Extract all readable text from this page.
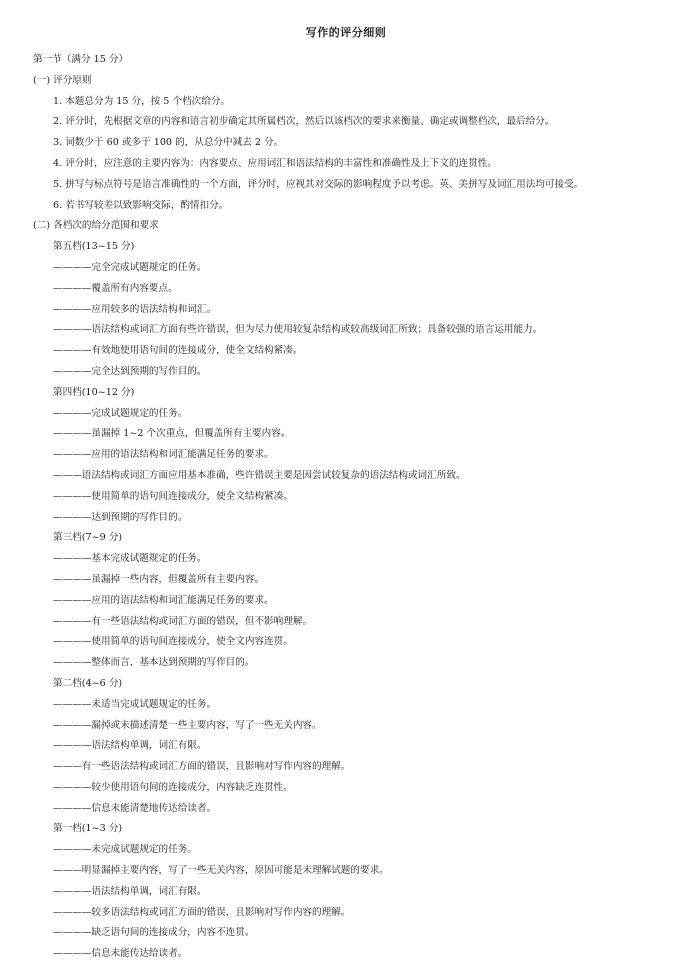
写作的评分细则
第一节（满分 15 分）
(一) 评分原则
1. 本题总分为 15 分，按 5 个档次给分。
2. 评分时，先根据文章的内容和语言初步确定其所属档次，然后以该档次的要求来衡量、确定或调整档次，最后给分。
3. 词数少于 60 或多于 100 的，从总分中减去 2 分。
4. 评分时，应注意的主要内容为：内容要点、应用词汇和语法结构的丰富性和准确性及上下文的连贯性。
5. 拼写与标点符号是语言准确性的一个方面，评分时，应视其对交际的影响程度予以考虑。英、美拼写及词汇用法均可接受。
6. 若书写较差以致影响交际，酌情扣分。
(二) 各档次的给分范围和要求
第五档(13~15 分)
————完全完成试题规定的任务。
————覆盖所有内容要点。
————应用较多的语法结构和词汇。
————语法结构或词汇方面有些许错误，但为尽力使用较复杂结构或较高级词汇所致；具备较强的语言运用能力。
————有效地使用语句间的连接成分，使全文结构紧凑。
————完全达到预期的写作目的。
第四档(10~12 分)
————完成试题规定的任务。
————虽漏掉 1~2 个次重点，但覆盖所有主要内容。
————应用的语法结构和词汇能满足任务的要求。
———语法结构或词汇方面应用基本准确，些许错误主要是因尝试较复杂的语法结构或词汇所致。
————使用简单的语句间连接成分，使全文结构紧凑。
————达到预期的写作目的。
第三档(7~9 分)
————基本完成试题规定的任务。
————虽漏掉一些内容，但覆盖所有主要内容。
————应用的语法结构和词汇能满足任务的要求。
————有一些语法结构或词汇方面的错误，但不影响理解。
————使用简单的语句间连接成分，使全文内容连贯。
————整体而言，基本达到预期的写作目的。
第二档(4~6 分)
————未适当完成试题规定的任务。
————漏掉或未描述清楚一些主要内容，写了一些无关内容。
————语法结构单调，词汇有限。
———有一些语法结构或词汇方面的错误，且影响对写作内容的理解。
————较少使用语句间的连接成分，内容缺乏连贯性。
————信息未能清楚地传达给读者。
第一档(1~3 分)
————未完成试题规定的任务。
———明显漏掉主要内容，写了一些无关内容，原因可能是未理解试题的要求。
————语法结构单调，词汇有限。
————较多语法结构或词汇方面的错误，且影响对写作内容的理解。
————缺乏语句间的连接成分，内容不连贯。
————信息未能传达给读者。
